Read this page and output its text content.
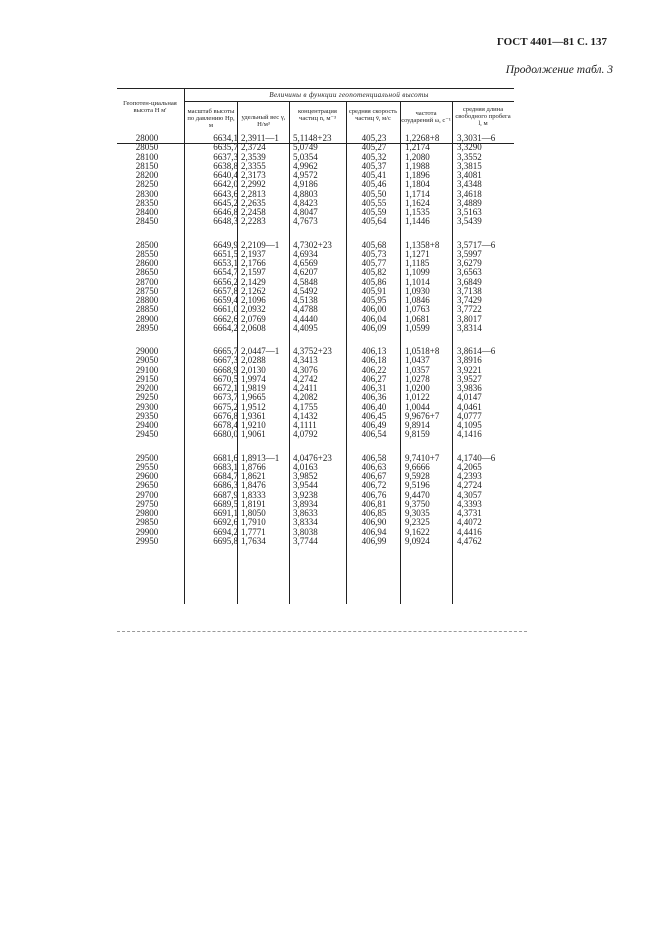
ГОСТ 4401—81 С. 137
Продолжение табл. 3
Величины в функции геопотенциальной высоты
Геопотен-циальная высота H м'	масштаб высоты по давлению Hp, м
удельный вес γ, Н/м³
концентрация частиц n, м⁻³
средняя скорость частиц v̄, м/с
частота соударений ω, с⁻¹
средняя длина свободного пробега l, м
28000
28050
28100
28150
28200
28250
28300
28350
28400
28450
28500
28550
28600
28650
28700
28750
28800
28850
28900
28950
29000
29050
29100
29150
29200
29250
29300
29350
29400
29450
29500
29550
29600
29650
29700
29750
29800
29850
29900
29950
6634,1
6635,7
6637,3
6638,8
6640,4
6642,0
6643,6
6645,2
6646,8
6648,3
6649,9
6651,5
6653,1
6654,7
6656,2
6657,8
6659,4
6661,0
6662,6
6664,2
6665,7
6667,3
6668,9
6670,5
6672,1
6673,7
6675,2
6676,8
6678,4
6680,0
6681,6
6683,1
6684,7
6686,3
6687,9
6689,5
6691,1
6692,6
6694,2
6695,8
2,3911—1
2,3724
2,3539
2,3355
2,3173
2,2992
2,2813
2,2635
2,2458
2,2283
2,2109—1
2,1937
2,1766
2,1597
2,1429
2,1262
2,1096
2,0932
2,0769
2,0608
2,0447—1
2,0288
2,0130
1,9974
1,9819
1,9665
1,9512
1,9361
1,9210
1,9061
1,8913—1
1,8766
1,8621
1,8476
1,8333
1,8191
1,8050
1,7910
1,7771
1,7634
5,1148+23
5,0749
5,0354
4,9962
4,9572
4,9186
4,8803
4,8423
4,8047
4,7673
4,7302+23
4,6934
4,6569
4,6207
4,5848
4,5492
4,5138
4,4788
4,4440
4,4095
4,3752+23
4,3413
4,3076
4,2742
4,2411
4,2082
4,1755
4,1432
4,1111
4,0792
4,0476+23
4,0163
3,9852
3,9544
3,9238
3,8934
3,8633
3,8334
3,8038
3,7744
405,23
405,27
405,32
405,37
405,41
405,46
405,50
405,55
405,59
405,64
405,68
405,73
405,77
405,82
405,86
405,91
405,95
406,00
406,04
406,09
406,13
406,18
406,22
406,27
406,31
406,36
406,40
406,45
406,49
406,54
406,58
406,63
406,67
406,72
406,76
406,81
406,85
406,90
406,94
406,99
1,2268+8
1,2174
1,2080
1,1988
1,1896
1,1804
1,1714
1,1624
1,1535
1,1446
1,1358+8
1,1271
1,1185
1,1099
1,1014
1,0930
1,0846
1,0763
1,0681
1,0599
1,0518+8
1,0437
1,0357
1,0278
1,0200
1,0122
1,0044
9,9676+7
9,8914
9,8159
9,7410+7
9,6666
9,5928
9,5196
9,4470
9,3750
9,3035
9,2325
9,1622
9,0924
3,3031—6
3,3290
3,3552
3,3815
3,4081
3,4348
3,4618
3,4889
3,5163
3,5439
3,5717—6
3,5997
3,6279
3,6563
3,6849
3,7138
3,7429
3,7722
3,8017
3,8314
3,8614—6
3,8916
3,9221
3,9527
3,9836
4,0147
4,0461
4,0777
4,1095
4,1416
4,1740—6
4,2065
4,2393
4,2724
4,3057
4,3393
4,3731
4,4072
4,4416
4,4762
